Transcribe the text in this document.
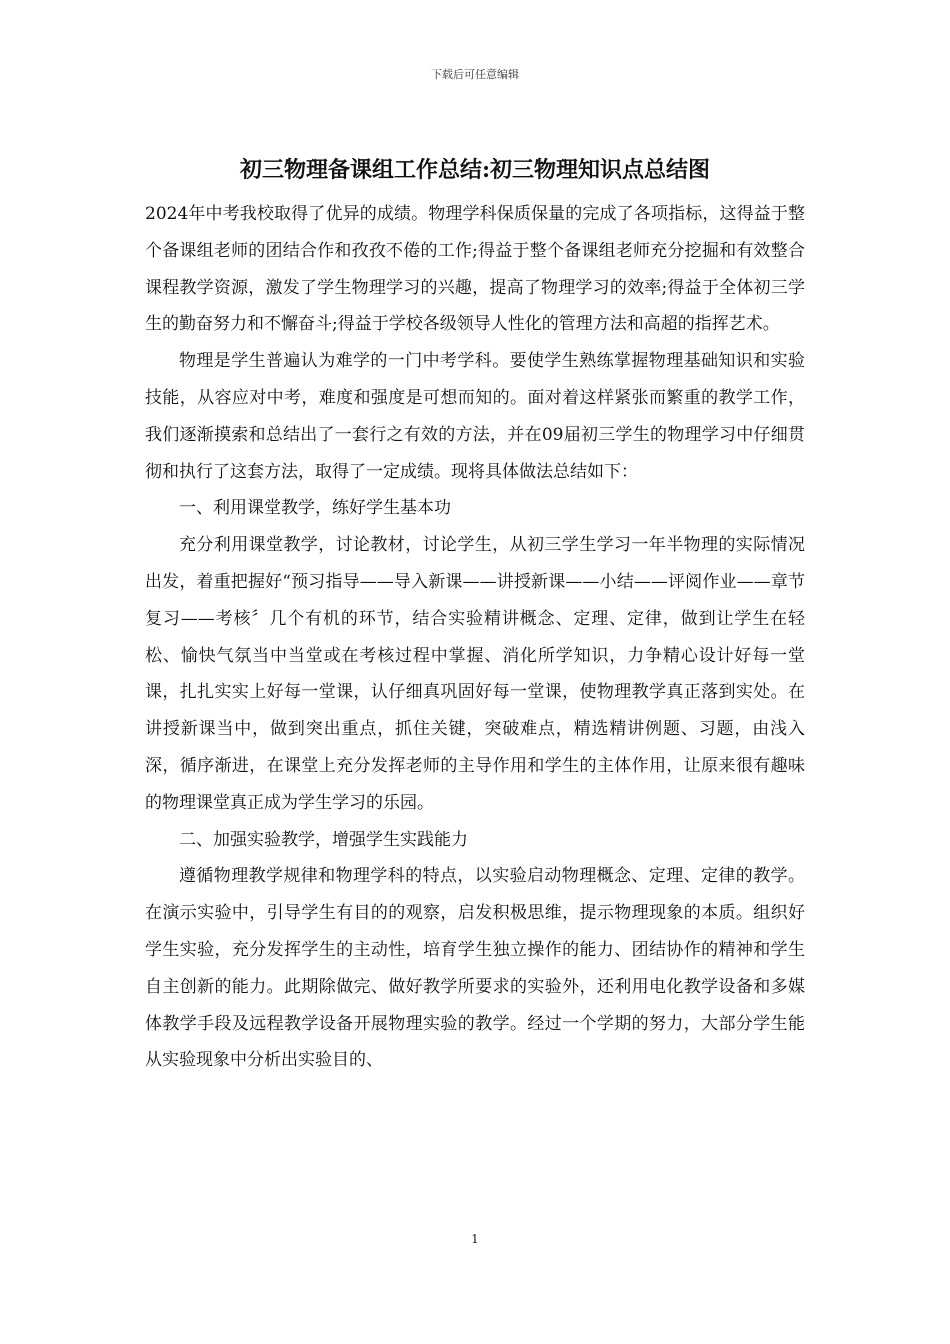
下载后可任意编辑
初三物理备课组工作总结:初三物理知识点总结图

2024年中考我校取得了优异的成绩。物理学科保质保量的完成了各项指标，这得益于整个备课组老师的团结合作和孜孜不倦的工作;得益于整个备课组老师充分挖掘和有效整合课程教学资源，激发了学生物理学习的兴趣，提高了物理学习的效率;得益于全体初三学生的勤奋努力和不懈奋斗;得益于学校各级领导人性化的管理方法和高超的指挥艺术。

物理是学生普遍认为难学的一门中考学科。要使学生熟练掌握物理基础知识和实验技能，从容应对中考，难度和强度是可想而知的。面对着这样紧张而繁重的教学工作，我们逐渐摸索和总结出了一套行之有效的方法，并在09届初三学生的物理学习中仔细贯彻和执行了这套方法，取得了一定成绩。现将具体做法总结如下：

一、利用课堂教学，练好学生基本功

充分利用课堂教学，讨论教材，讨论学生，从初三学生学习一年半物理的实际情况出发，着重把握好“预习指导——导入新课——讲授新课——小结——评阅作业——章节复习——考核〞几个有机的环节，结合实验精讲概念、定理、定律，做到让学生在轻松、愉快气氛当中当堂或在考核过程中掌握、消化所学知识，力争精心设计好每一堂课，扎扎实实上好每一堂课，认仔细真巩固好每一堂课，使物理教学真正落到实处。在讲授新课当中，做到突出重点，抓住关键，突破难点，精选精讲例题、习题，由浅入深，循序渐进，在课堂上充分发挥老师的主导作用和学生的主体作用，让原来很有趣味的物理课堂真正成为学生学习的乐园。

二、加强实验教学，增强学生实践能力

遵循物理教学规律和物理学科的特点，以实验启动物理概念、定理、定律的教学。在演示实验中，引导学生有目的的观察，启发积极思维，提示物理现象的本质。组织好学生实验，充分发挥学生的主动性，培育学生独立操作的能力、团结协作的精神和学生自主创新的能力。此期除做完、做好教学所要求的实验外，还利用电化教学设备和多媒体教学手段及远程教学设备开展物理实验的教学。经过一个学期的努力，大部分学生能从实验现象中分析出实验目的、

1
